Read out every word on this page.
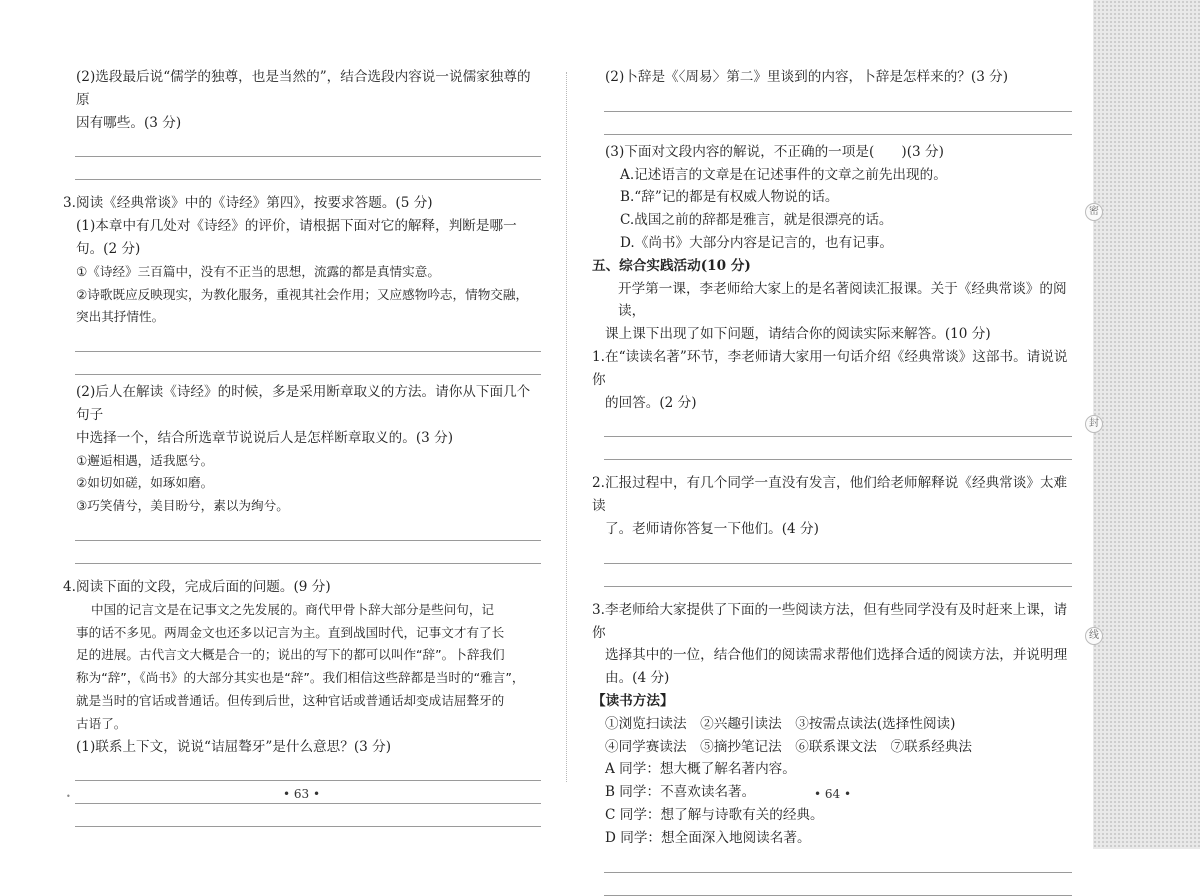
密
封
线

(2)选段最后说“儒学的独尊，也是当然的”，结合选段内容说一说儒家独尊的原

因有哪些。(3 分)

3.阅读《经典常谈》中的《诗经》第四》，按要求答题。(5 分)

(1)本章中有几处对《诗经》的评价，请根据下面对它的解释，判断是哪一

句。(2 分)

①《诗经》三百篇中，没有不正当的思想，流露的都是真情实意。

②诗歌既应反映现实，为教化服务，重视其社会作用；又应感物吟志，情物交融，

突出其抒情性。

(2)后人在解读《诗经》的时候，多是采用断章取义的方法。请你从下面几个句子

中选择一个，结合所选章节说说后人是怎样断章取义的。(3 分)

①邂逅相遇，适我愿兮。

②如切如磋，如琢如磨。

③巧笑倩兮，美目盼兮，素以为绚兮。

4.阅读下面的文段，完成后面的问题。(9 分)

中国的记言文是在记事文之先发展的。商代甲骨卜辞大部分是些问句，记

事的话不多见。两周金文也还多以记言为主。直到战国时代，记事文才有了长

足的进展。古代言文大概是合一的；说出的写下的都可以叫作“辞”。卜辞我们

称为“辞”，《尚书》的大部分其实也是“辞”。我们相信这些辞都是当时的“雅言”，

就是当时的官话或普通话。但传到后世，这种官话或普通话却变成诘屈聱牙的

古语了。

(1)联系上下文，说说“诘屈聱牙”是什么意思？(3 分)

•	• 63 •

(2)卜辞是《〈周易〉第二》里谈到的内容，卜辞是怎样来的？(3 分)

(3)下面对文段内容的解说，不正确的一项是(　　)(3 分)

A.记述语言的文章是在记述事件的文章之前先出现的。

B.“辞”记的都是有权威人物说的话。

C.战国之前的辞都是雅言，就是很漂亮的话。

D.《尚书》大部分内容是记言的，也有记事。

五、综合实践活动(10 分)

开学第一课，李老师给大家上的是名著阅读汇报课。关于《经典常谈》的阅读，

课上课下出现了如下问题，请结合你的阅读实际来解答。(10 分)

1.在“读读名著”环节，李老师请大家用一句话介绍《经典常谈》这部书。请说说你

的回答。(2 分)

2.汇报过程中，有几个同学一直没有发言，他们给老师解释说《经典常谈》太难读

了。老师请你答复一下他们。(4 分)

3.李老师给大家提供了下面的一些阅读方法，但有些同学没有及时赶来上课，请你

选择其中的一位，结合他们的阅读需求帮他们选择合适的阅读方法，并说明理

由。(4 分)

【读书方法】

①浏览扫读法　②兴趣引读法　③按需点读法(选择性阅读)

④同学赛读法　⑤摘抄笔记法　⑥联系课文法　⑦联系经典法

A 同学：想大概了解名著内容。

B 同学：不喜欢读名著。

C 同学：想了解与诗歌有关的经典。

D 同学：想全面深入地阅读名著。

• 64 •
